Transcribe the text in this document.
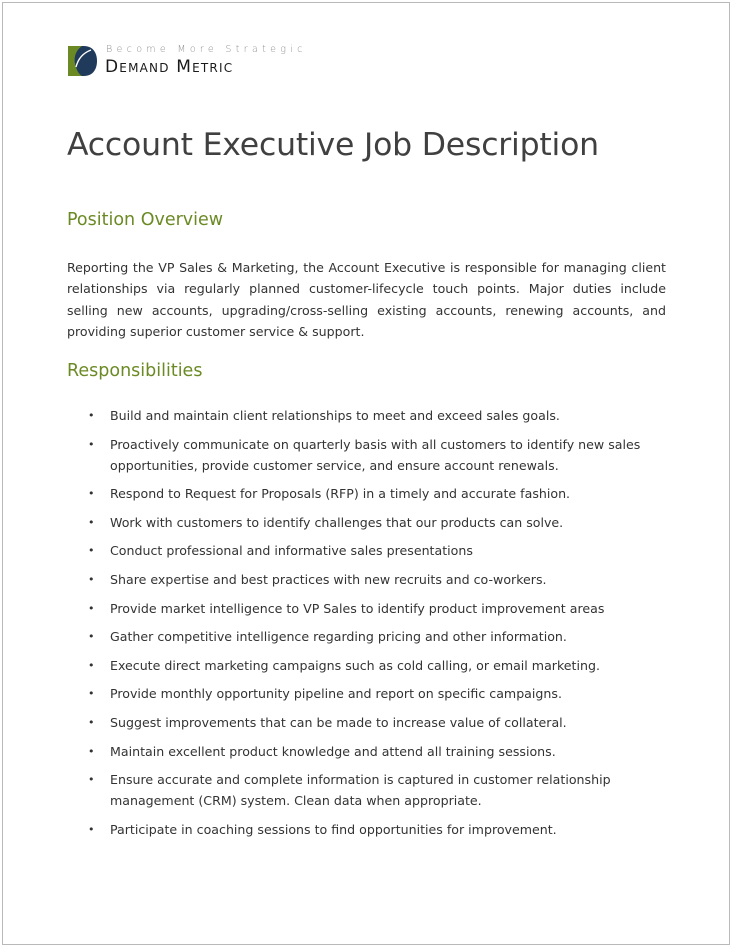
Become More Strategic
Demand Metric
Account Executive Job Description
Position Overview

Reporting the VP Sales & Marketing, the Account Executive is responsible for managing client relationships via regularly planned customer-lifecycle touch points. Major duties include selling new accounts, upgrading/cross-selling existing accounts, renewing accounts, and providing superior customer service & support.

Responsibilities
• Build and maintain client relationships to meet and exceed sales goals.
• Proactively communicate on quarterly basis with all customers to identify new sales opportunities, provide customer service, and ensure account renewals.
• Respond to Request for Proposals (RFP) in a timely and accurate fashion.
• Work with customers to identify challenges that our products can solve.
• Conduct professional and informative sales presentations
• Share expertise and best practices with new recruits and co-workers.
• Provide market intelligence to VP Sales to identify product improvement areas
• Gather competitive intelligence regarding pricing and other information.
• Execute direct marketing campaigns such as cold calling, or email marketing.
• Provide monthly opportunity pipeline and report on specific campaigns.
• Suggest improvements that can be made to increase value of collateral.
• Maintain excellent product knowledge and attend all training sessions.
• Ensure accurate and complete information is captured in customer relationship management (CRM) system. Clean data when appropriate.
• Participate in coaching sessions to find opportunities for improvement.
